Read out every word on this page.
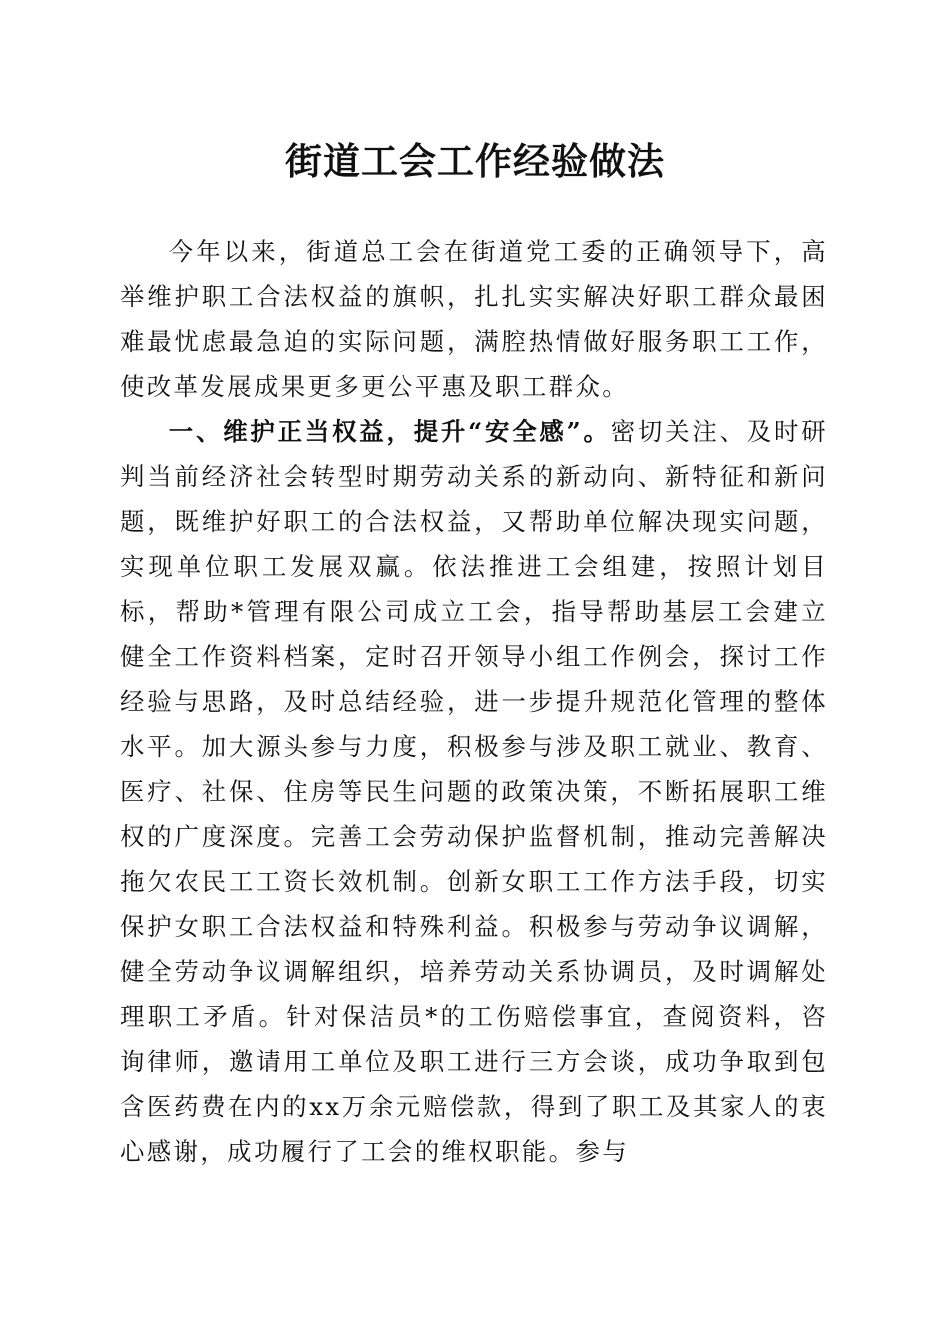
街道工会工作经验做法

今年以来，街道总工会在街道党工委的正确领导下，高举维护职工合法权益的旗帜，扎扎实实解决好职工群众最困难最忧虑最急迫的实际问题，满腔热情做好服务职工工作，使改革发展成果更多更公平惠及职工群众。

一、维护正当权益，提升“安全感”。密切关注、及时研判当前经济社会转型时期劳动关系的新动向、新特征和新问题，既维护好职工的合法权益，又帮助单位解决现实问题，实现单位职工发展双赢。依法推进工会组建，按照计划目标，帮助*管理有限公司成立工会，指导帮助基层工会建立健全工作资料档案，定时召开领导小组工作例会，探讨工作经验与思路，及时总结经验，进一步提升规范化管理的整体水平。加大源头参与力度，积极参与涉及职工就业、教育、医疗、社保、住房等民生问题的政策决策，不断拓展职工维权的广度深度。完善工会劳动保护监督机制，推动完善解决拖欠农民工工资长效机制。创新女职工工作方法手段，切实保护女职工合法权益和特殊利益。积极参与劳动争议调解，健全劳动争议调解组织，培养劳动关系协调员，及时调解处理职工矛盾。针对保洁员*的工伤赔偿事宜，查阅资料，咨询律师，邀请用工单位及职工进行三方会谈，成功争取到包含医药费在内的xx万余元赔偿款，得到了职工及其家人的衷心感谢，成功履行了工会的维权职能。参与
